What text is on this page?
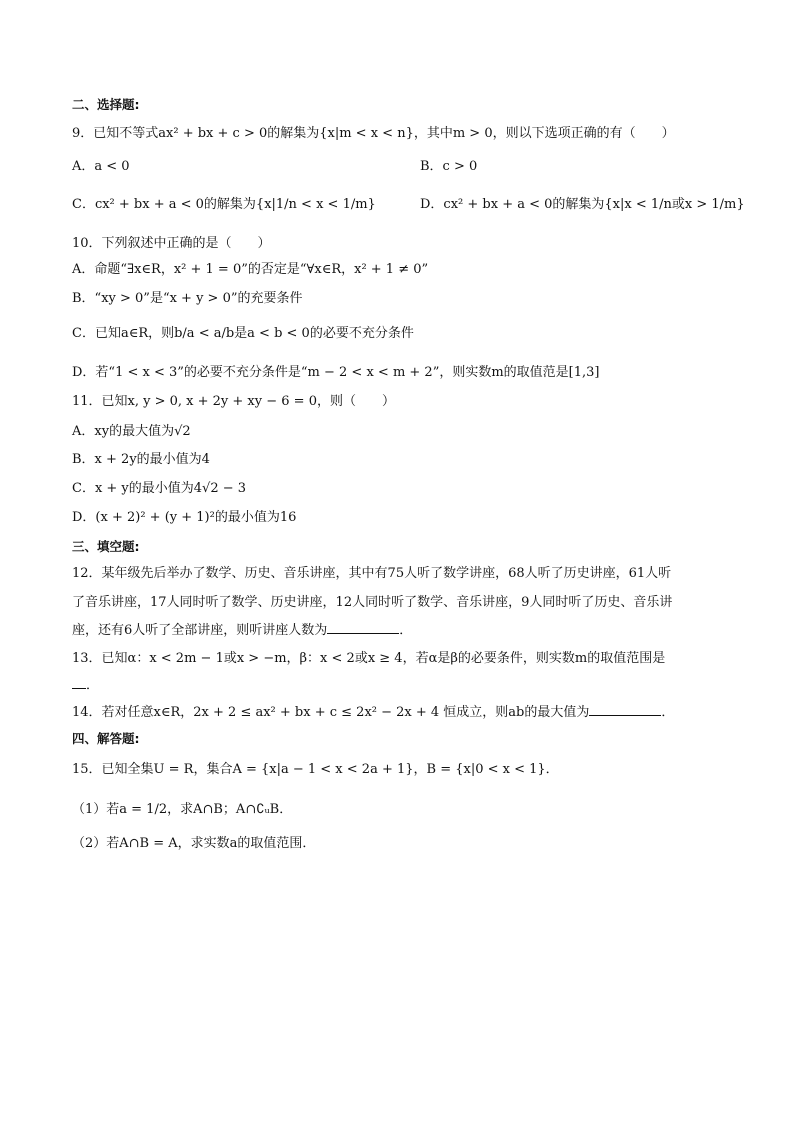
二、选择题:
9．已知不等式ax² + bx + c > 0的解集为{x|m < x < n}，其中m > 0，则以下选项正确的有（　　）
A．a < 0	B．c > 0
C．cx² + bx + a < 0的解集为{x|1/n < x < 1/m}	D．cx² + bx + a < 0的解集为{x|x < 1/n或x > 1/m}
10．下列叙述中正确的是（　　）
A．命题“∃x∈R，x² + 1 = 0”的否定是“∀x∈R，x² + 1 ≠ 0”
B．“xy > 0”是“x + y > 0”的充要条件
C．已知a∈R，则b/a < a/b是a < b < 0的必要不充分条件
D．若“1 < x < 3”的必要不充分条件是“m − 2 < x < m + 2”，则实数m的取值范是[1,3]
11．已知x, y > 0, x + 2y + xy − 6 = 0，则（　　）
A．xy的最大值为√2
B．x + 2y的最小值为4
C．x + y的最小值为4√2 − 3
D．(x + 2)² + (y + 1)²的最小值为16
三、填空题:
12．某年级先后举办了数学、历史、音乐讲座，其中有75人听了数学讲座，68人听了历史讲座，61人听
了音乐讲座，17人同时听了数学、历史讲座，12人同时听了数学、音乐讲座，9人同时听了历史、音乐讲
座，还有6人听了全部讲座，则听讲座人数为	．
13．已知α：x < 2m − 1或x > −m，β：x < 2或x ≥ 4，若α是β的必要条件，则实数m的取值范围是
．
14．若对任意x∈R，2x + 2 ≤ ax² + bx + c ≤ 2x² − 2x + 4 恒成立，则ab的最大值为	．
四、解答题:
15．已知全集U = R，集合A = {x|a − 1 < x < 2a + 1}，B = {x|0 < x < 1}．
（1）若a = 1/2，求A∩B；A∩∁ᵤB．
（2）若A∩B = A，求实数a的取值范围．
